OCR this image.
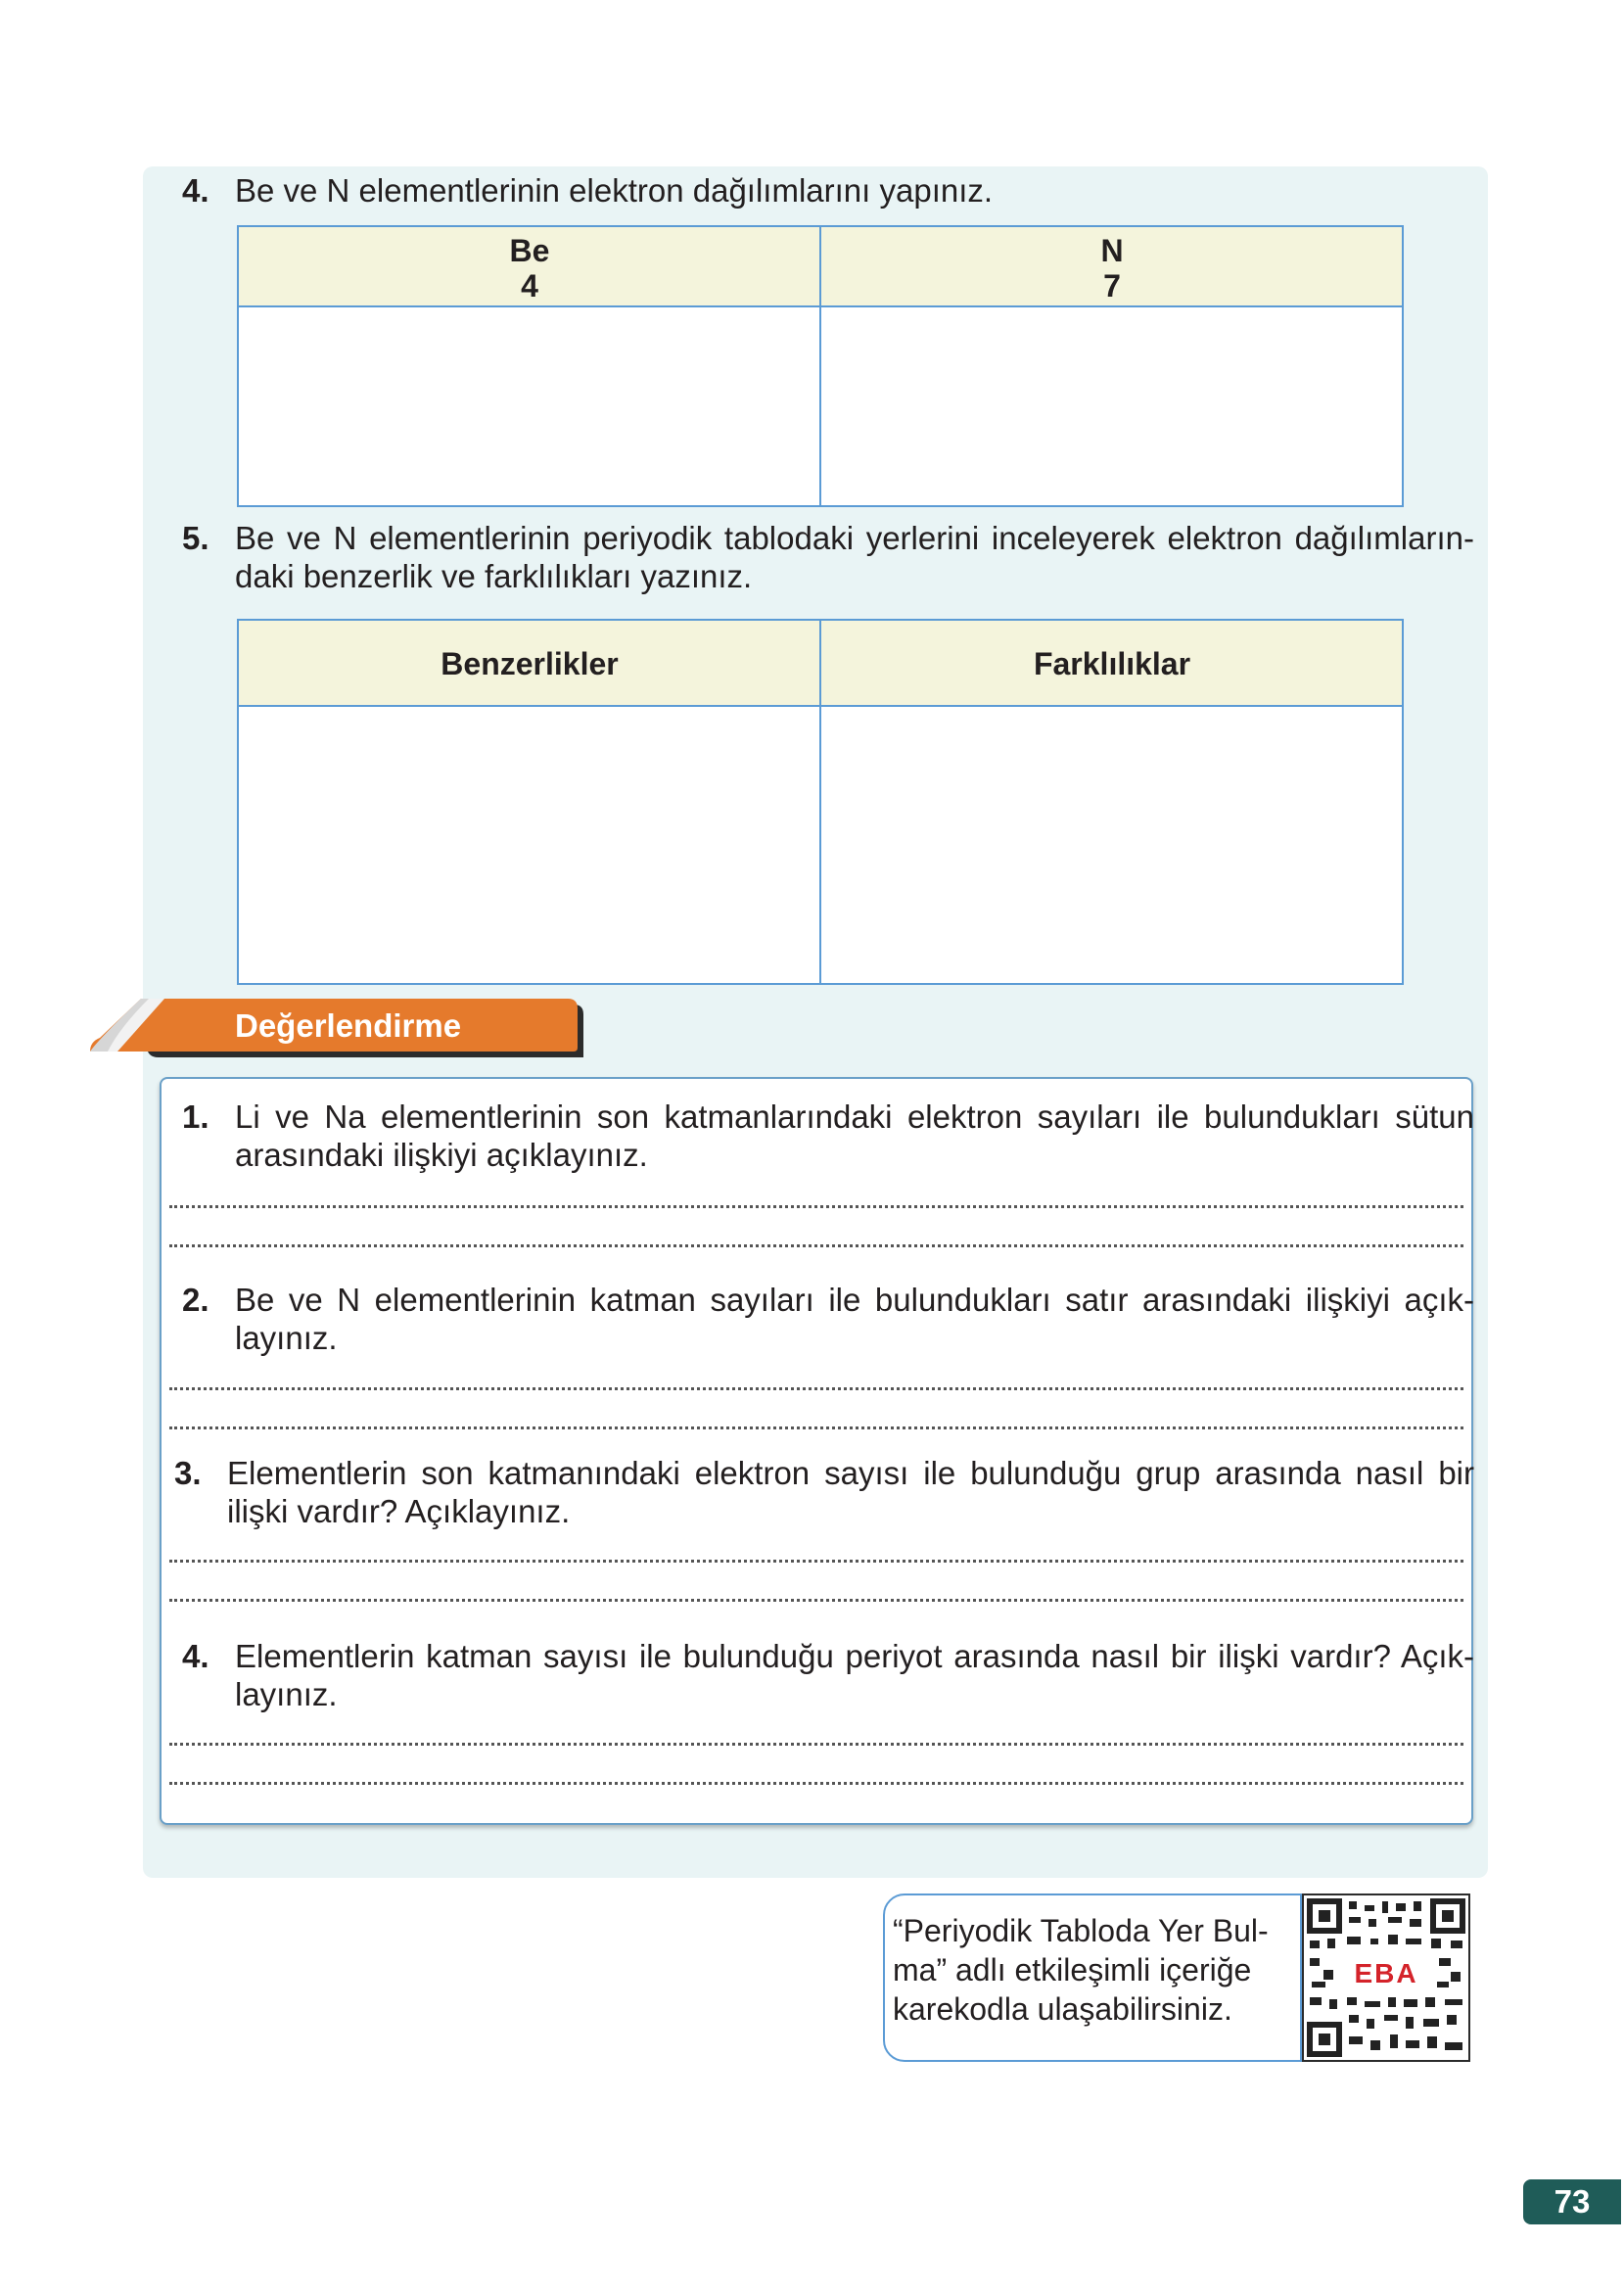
4. Be ve N elementlerinin elektron dağılımlarını yapınız.
Be
4
N
7
5. Be ve N elementlerinin periyodik tablodaki yerlerini inceleyerek elektron dağılımların-
daki benzerlik ve farklılıkları yazınız.
Benzerlikler	Farklılıklar
Değerlendirme
1. Li ve Na elementlerinin son katmanlarındaki elektron sayıları ile bulundukları sütun
arasındaki ilişkiyi açıklayınız.
2. Be ve N elementlerinin katman sayıları ile bulundukları satır arasındaki ilişkiyi açık-
layınız.
3. Elementlerin son katmanındaki elektron sayısı ile bulunduğu grup arasında nasıl bir
ilişki vardır? Açıklayınız.
4. Elementlerin katman sayısı ile bulunduğu periyot arasında nasıl bir ilişki vardır? Açık-
layınız.
“Periyodik Tabloda Yer Bul-
ma” adlı etkileşimli içeriğe
karekodla ulaşabilirsiniz.
EBA
73
